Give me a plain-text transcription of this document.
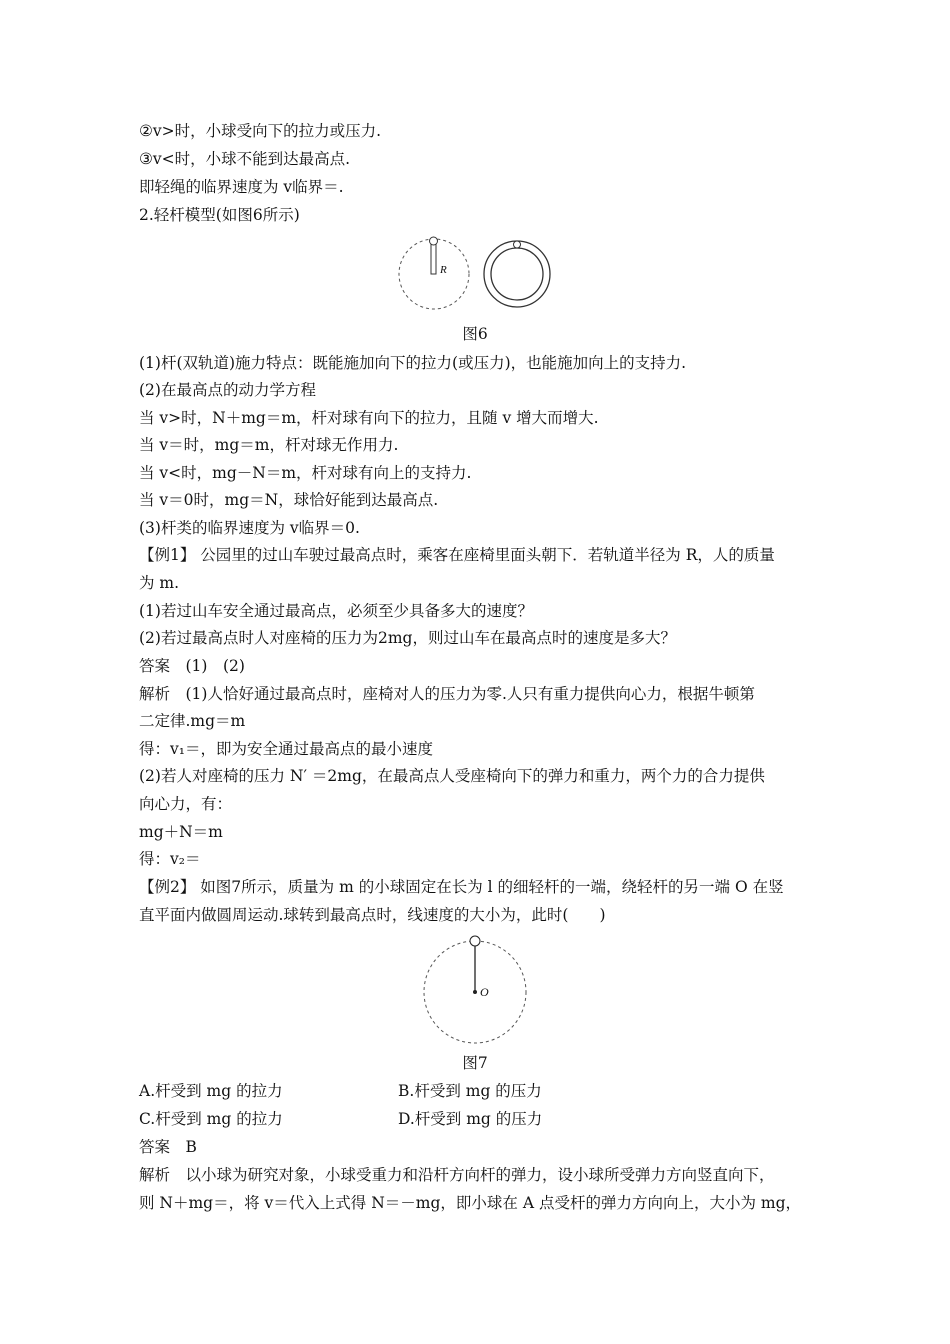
②v>时，小球受向下的拉力或压力.
③v<时，小球不能到达最高点.
即轻绳的临界速度为 v临界＝.
2.轻杆模型(如图6所示)
R
图6
(1)杆(双轨道)施力特点：既能施加向下的拉力(或压力)，也能施加向上的支持力.
(2)在最高点的动力学方程
当 v>时，N＋mg＝m，杆对球有向下的拉力，且随 v 增大而增大.
当 v＝时，mg＝m，杆对球无作用力.
当 v<时，mg－N＝m，杆对球有向上的支持力.
当 v＝0时，mg＝N，球恰好能到达最高点.
(3)杆类的临界速度为 v临界＝0.
【例1】 公园里的过山车驶过最高点时，乘客在座椅里面头朝下．若轨道半径为 R，人的质量
为 m.
(1)若过山车安全通过最高点，必须至少具备多大的速度？
(2)若过最高点时人对座椅的压力为2mg，则过山车在最高点时的速度是多大？
答案　(1)　(2)
解析　(1)人恰好通过最高点时，座椅对人的压力为零.人只有重力提供向心力，根据牛顿第
二定律.mg＝m
得：v₁＝，即为安全通过最高点的最小速度
(2)若人对座椅的压力 N′ ＝2mg，在最高点人受座椅向下的弹力和重力，两个力的合力提供
向心力，有：
mg＋N＝m
得：v₂＝
【例2】 如图7所示，质量为 m 的小球固定在长为 l 的细轻杆的一端，绕轻杆的另一端 O 在竖
直平面内做圆周运动.球转到最高点时，线速度的大小为，此时(　　)
O
图7
A.杆受到 mg 的拉力	B.杆受到 mg 的压力
C.杆受到 mg 的拉力	D.杆受到 mg 的压力
答案　B
解析　以小球为研究对象，小球受重力和沿杆方向杆的弹力，设小球所受弹力方向竖直向下，
则 N＋mg＝，将 v＝代入上式得 N＝－mg，即小球在 A 点受杆的弹力方向向上，大小为 mg，
